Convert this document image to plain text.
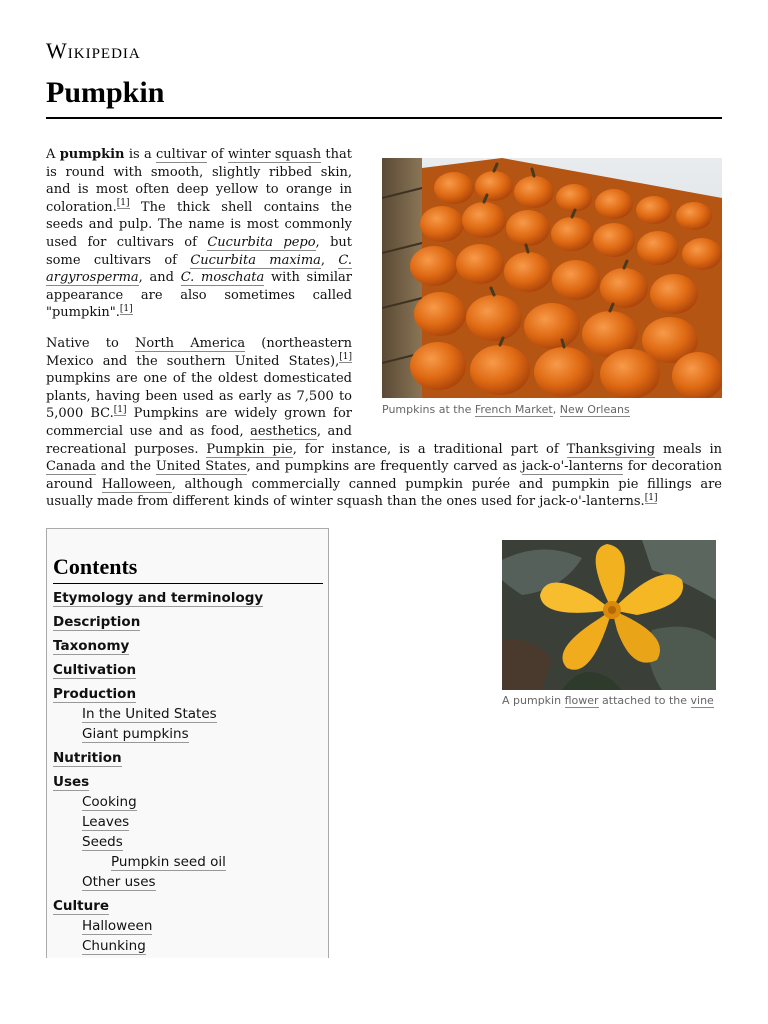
Wikipedia
Pumpkin
Pumpkins at the French Market, New Orleans

A pumpkin is a cultivar of winter squash that is round with smooth, slightly ribbed skin, and is most often deep yellow to orange in coloration.[1] The thick shell contains the seeds and pulp. The name is most commonly used for cultivars of Cucurbita pepo, but some cultivars of Cucurbita maxima, C. argyrosperma, and C. moschata with similar appearance are also sometimes called "pumpkin".[1]

Native to North America (northeastern Mexico and the southern United States),[1] pumpkins are one of the oldest domesticated plants, having been used as early as 7,500 to 5,000 BC.[1] Pumpkins are widely grown for commercial use and as food, aesthetics, and recreational purposes. Pumpkin pie, for instance, is a traditional part of Thanksgiving meals in Canada and the United States, and pumpkins are frequently carved as jack-o'-lanterns for decoration around Halloween, although commercially canned pumpkin purée and pumpkin pie fillings are usually made from different kinds of winter squash than the ones used for jack-o'-lanterns.[1]

Contents
Etymology and terminology
Description
Taxonomy
Cultivation
Production
In the United States
Giant pumpkins
Nutrition
Uses
Cooking
Leaves
Seeds
Pumpkin seed oil
Other uses
Culture
Halloween
Chunking
A pumpkin flower attached to the vine
